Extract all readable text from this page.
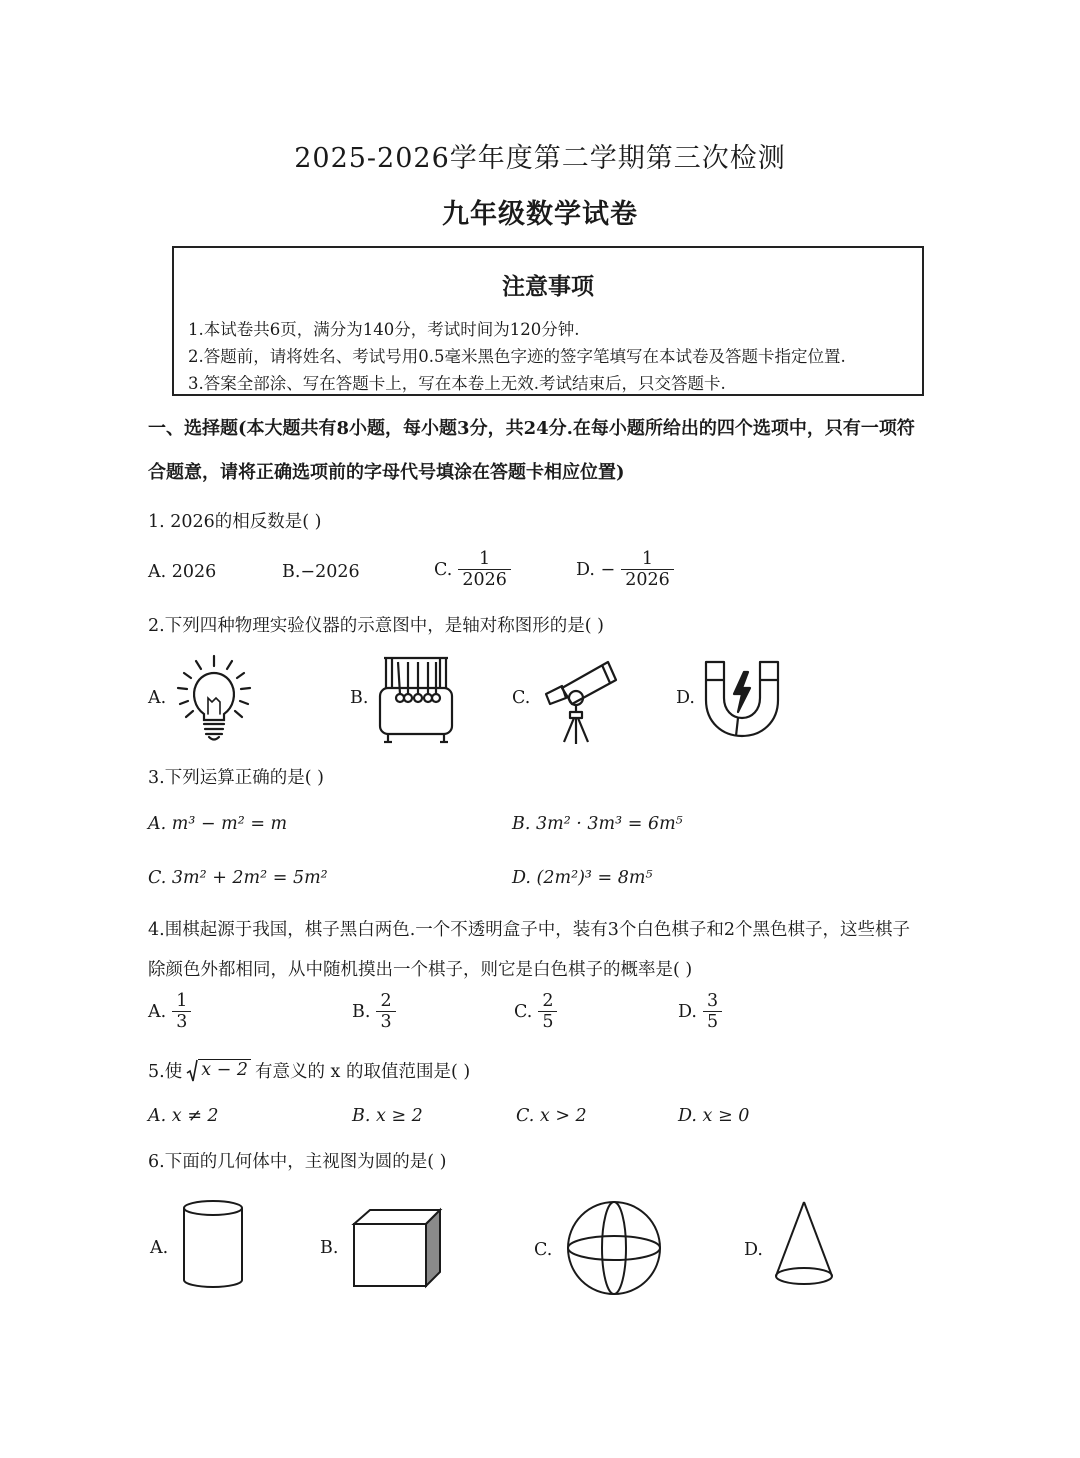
2025-2026学年度第二学期第三次检测
九年级数学试卷
注意事项
1.本试卷共6页，满分为140分，考试时间为120分钟.
2.答题前，请将姓名、考试号用0.5毫米黑色字迹的签字笔填写在本试卷及答题卡指定位置.
3.答案全部涂、写在答题卡上，写在本卷上无效.考试结束后，只交答题卡.
一、选择题(本大题共有8小题，每小题3分，共24分.在每小题所给出的四个选项中，只有一项符
合题意，请将正确选项前的字母代号填涂在答题卡相应位置)
1. 2026的相反数是( )
A. 2026	B.−2026	C. $\frac{1}{2026}$	D. − $\frac{1}{2026}$
2.下列四种物理实验仪器的示意图中，是轴对称图形的是( )
A.	B.	C.	D.
3.下列运算正确的是( )
A. m³ − m² = m	B. 3m² · 3m³ = 6m⁵
C. 3m² + 2m² = 5m²	D. (2m²)³ = 8m⁵
4.围棋起源于我国，棋子黑白两色.一个不透明盒子中，装有3个白色棋子和2个黑色棋子，这些棋子
除颜色外都相同，从中随机摸出一个棋子，则它是白色棋子的概率是( )
A. $\frac{1}{3}$	B. $\frac{2}{3}$	C. $\frac{2}{5}$	D. $\frac{3}{5}$
5.使 x − 2 有意义的 x 的取值范围是( )
A. x ≠ 2	B. x ≥ 2	C. x > 2	D. x ≥ 0
6.下面的几何体中，主视图为圆的是( )
A.	B.	C.	D.
